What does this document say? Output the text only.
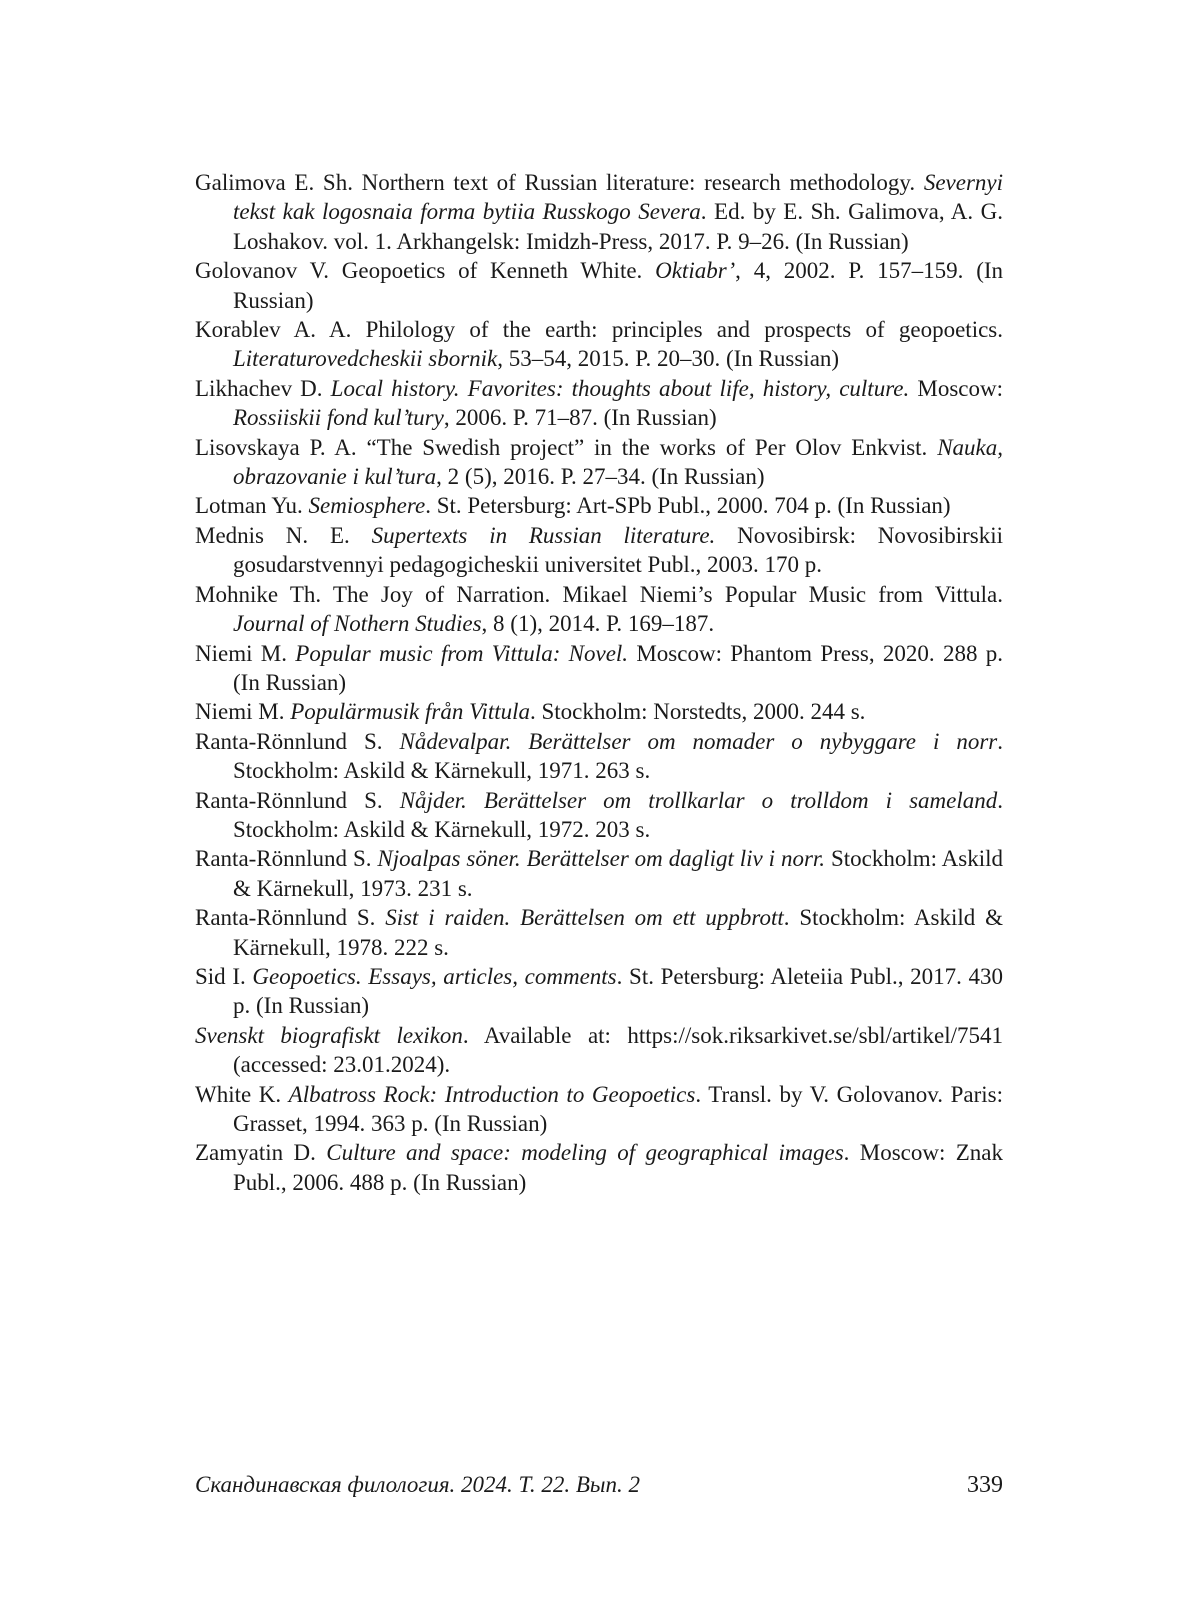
Galimova E. Sh. Northern text of Russian literature: research methodology. Severnyi tekst kak logosnaia forma bytiia Russkogo Severa. Ed. by E. Sh. Galimova, A. G. Loshakov. vol. 1. Arkhangelsk: Imidzh-Press, 2017. P. 9–26. (In Russian)
Golovanov V. Geopoetics of Kenneth White. Oktiabr’, 4, 2002. P. 157–159. (In Russian)
Korablev A. A. Philology of the earth: principles and prospects of geopoetics. Literaturovedcheskii sbornik, 53–54, 2015. P. 20–30. (In Russian)
Likhachev D. Local history. Favorites: thoughts about life, history, culture. Moscow: Rossiiskii fond kul’tury, 2006. P. 71–87. (In Russian)
Lisovskaya P. A. “The Swedish project” in the works of Per Olov Enkvist. Nauka, obrazovanie i kul’tura, 2 (5), 2016. P. 27–34. (In Russian)
Lotman Yu. Semiosphere. St. Petersburg: Art-SPb Publ., 2000. 704 p. (In Russian)
Mednis N. E. Supertexts in Russian literature. Novosibirsk: Novosibirskii gosudarstvennyi pedagogicheskii universitet Publ., 2003. 170 p.
Mohnike Th. The Joy of Narration. Mikael Niemi’s Popular Music from Vittula. Journal of Nothern Studies, 8 (1), 2014. P. 169–187.
Niemi M. Popular music from Vittula: Novel. Moscow: Phantom Press, 2020. 288 p. (In Russian)
Niemi M. Populärmusik från Vittula. Stockholm: Norstedts, 2000. 244 s.
Ranta-Rönnlund S. Nådevalpar. Berättelser om nomader o nybyggare i norr. Stockholm: Askild & Kärnekull, 1971. 263 s.
Ranta-Rönnlund S. Nåjder. Berättelser om trollkarlar o trolldom i sameland. Stockholm: Askild & Kärnekull, 1972. 203 s.
Ranta-Rönnlund S. Njoalpas söner. Berättelser om dagligt liv i norr. Stockholm: Askild & Kärnekull, 1973. 231 s.
Ranta-Rönnlund S. Sist i raiden. Berättelsen om ett uppbrott. Stockholm: Askild & Kärnekull, 1978. 222 s.
Sid I. Geopoetics. Essays, articles, comments. St. Petersburg: Aleteiia Publ., 2017. 430 p. (In Russian)
Svenskt biografiskt lexikon. Available at: https://sok.riksarkivet.se/sbl/artikel/7541 (accessed: 23.01.2024).
White K. Albatross Rock: Introduction to Geopoetics. Transl. by V. Golovanov. Paris: Grasset, 1994. 363 p. (In Russian)
Zamyatin D. Culture and space: modeling of geographical images. Moscow: Znak Publ., 2006. 488 p. (In Russian)
Скандинавская филология. 2024. Т. 22. Вып. 2	339
